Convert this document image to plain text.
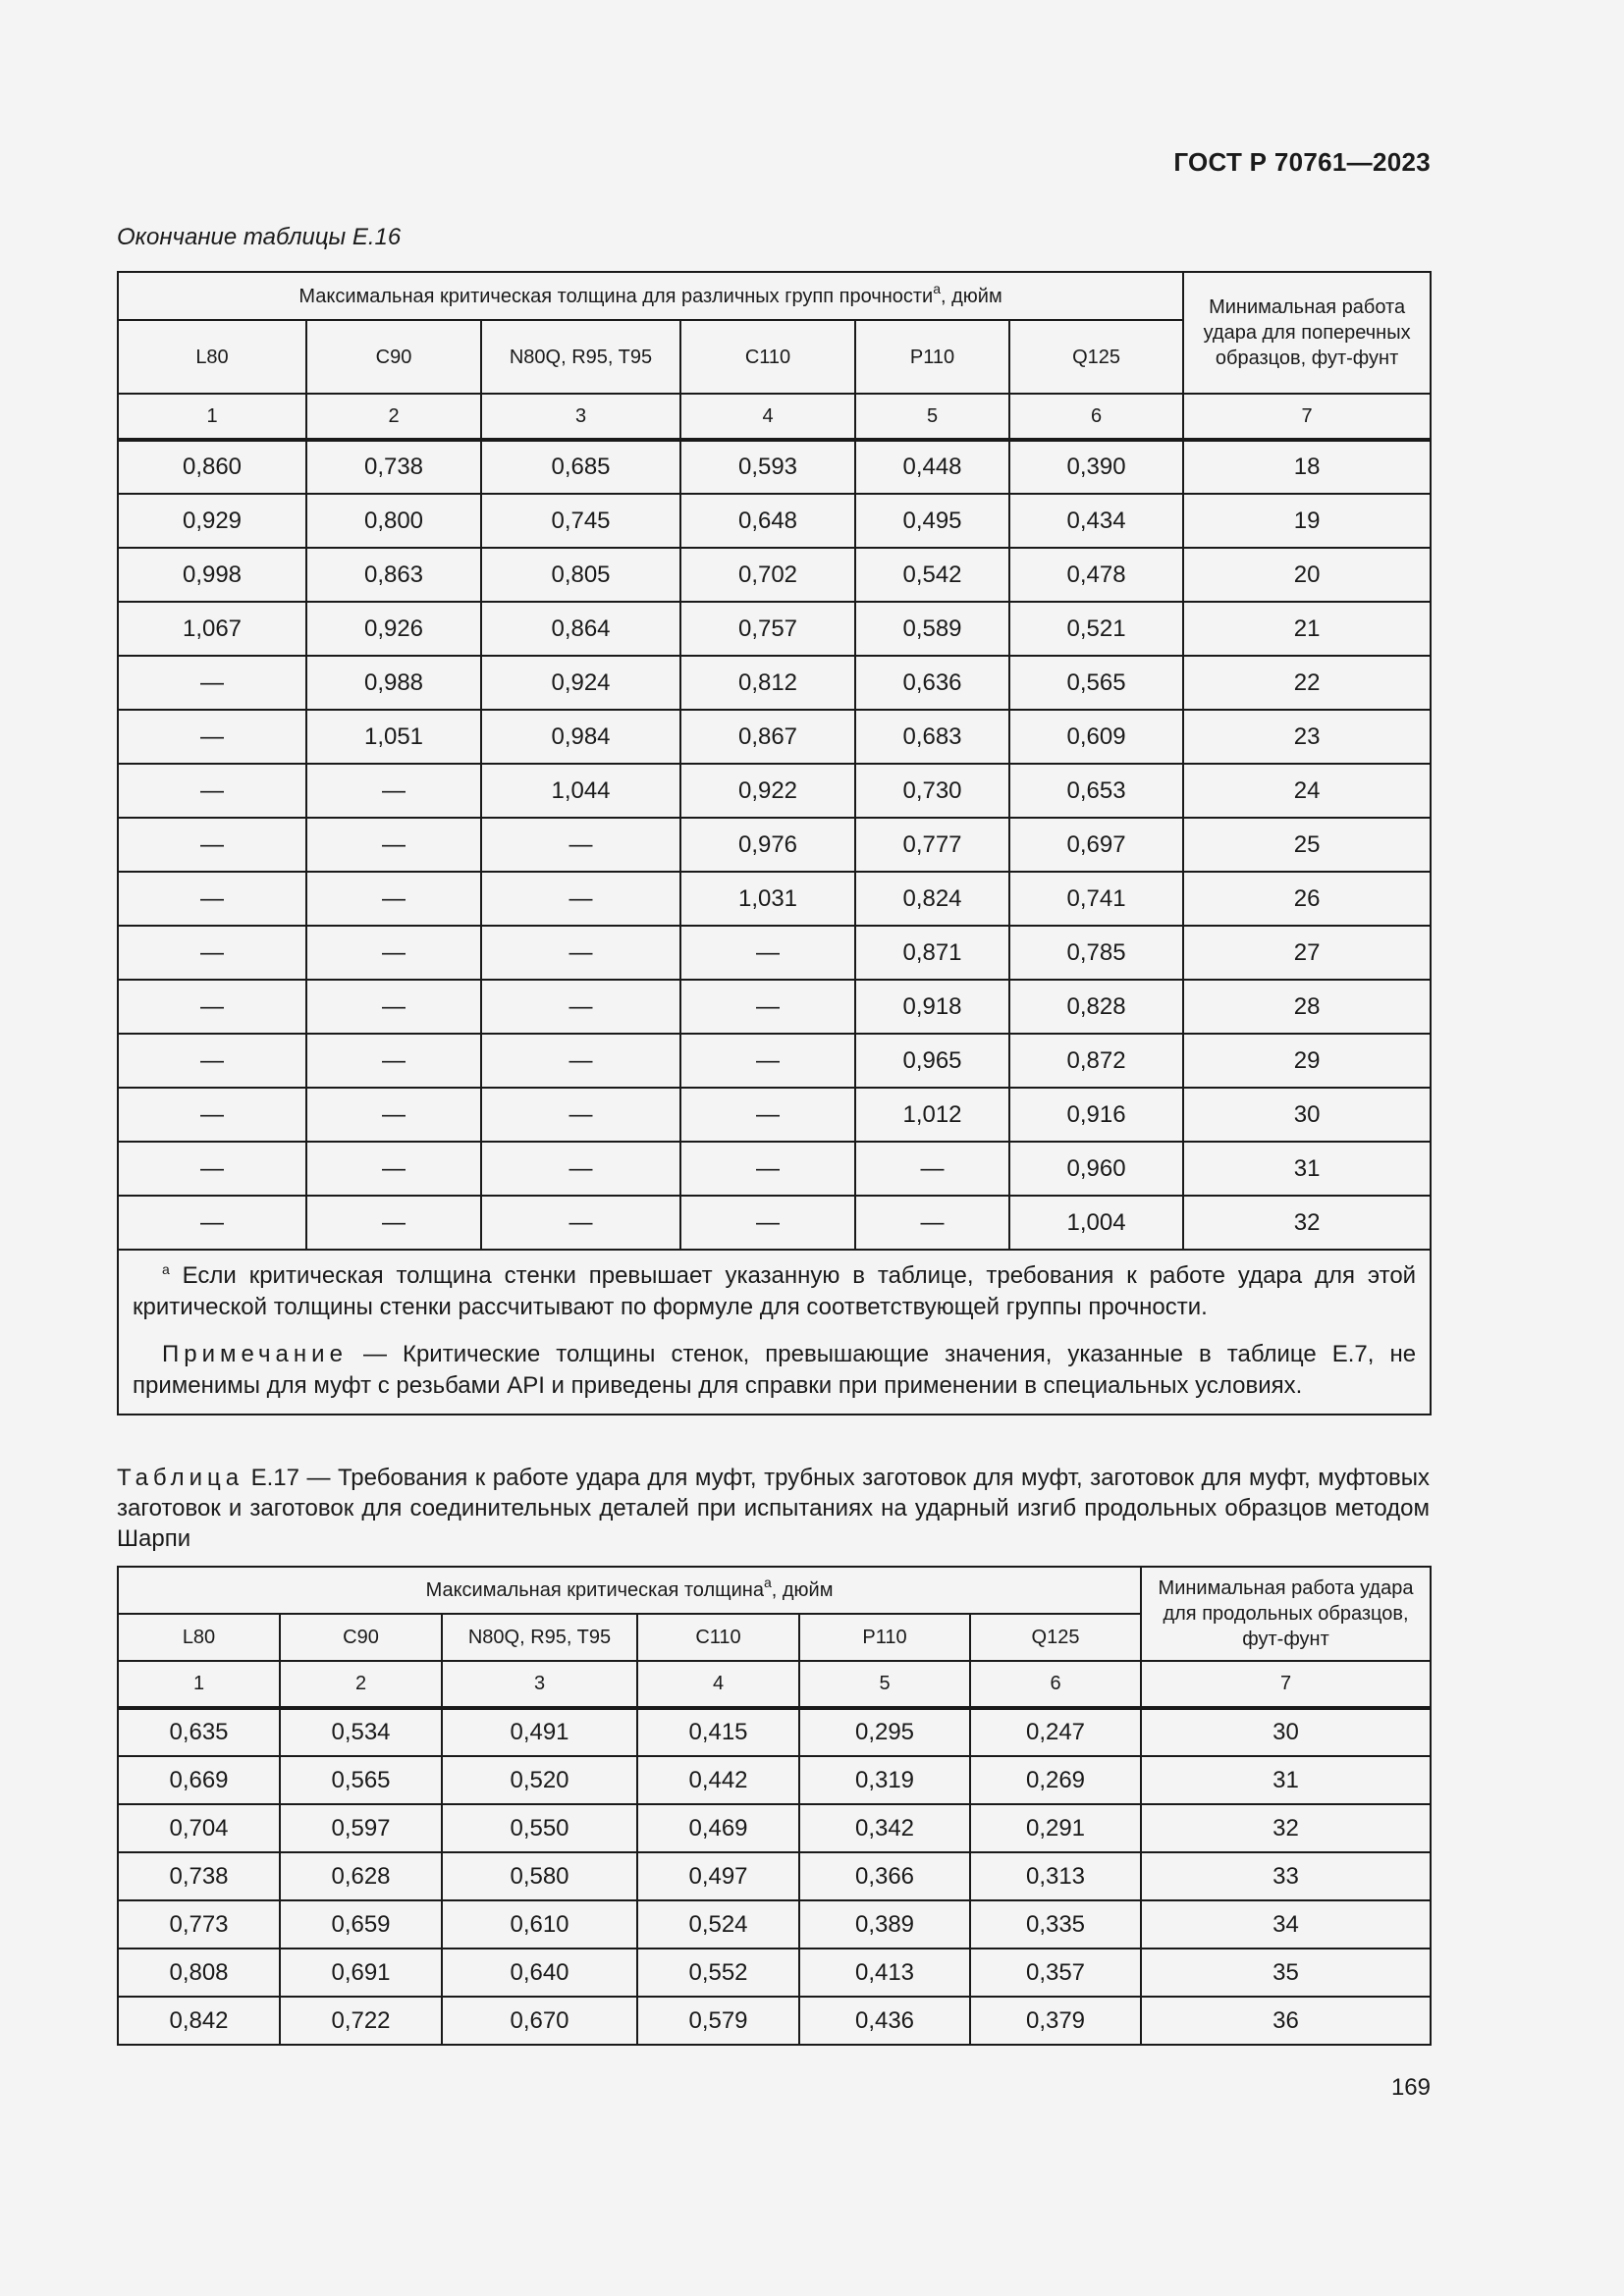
ГОСТ Р 70761—2023
Окончание таблицы Е.16
Максимальная критическая толщина для различных групп прочности$^а$, дюйм						Минимальная работа удара для поперечных образцов, фут-фунт
L80	C90	N80Q, R95, T95	C110	P110	Q125	
1	2	3	4	5	6	7
0,860	0,738	0,685	0,593	0,448	0,390	18
0,929	0,800	0,745	0,648	0,495	0,434	19
0,998	0,863	0,805	0,702	0,542	0,478	20
1,067	0,926	0,864	0,757	0,589	0,521	21
—	0,988	0,924	0,812	0,636	0,565	22
—	1,051	0,984	0,867	0,683	0,609	23
—	—	1,044	0,922	0,730	0,653	24
—	—	—	0,976	0,777	0,697	25
—	—	—	1,031	0,824	0,741	26
—	—	—	—	0,871	0,785	27
—	—	—	—	0,918	0,828	28
—	—	—	—	0,965	0,872	29
—	—	—	—	1,012	0,916	30
—	—	—	—	—	0,960	31
—	—	—	—	—	1,004	32

$^а$ Если критическая толщина стенки превышает указанную в таблице, требования к работе удара для этой критической толщины стенки рассчитывают по формуле для соответствующей группы прочности.

Примечание — Критические толщины стенок, превышающие значения, указанные в таблице Е.7, не применимы для муфт с резьбами API и приведены для справки при применении в специальных условиях.						

Таблица Е.17 — Требования к работе удара для муфт, трубных заготовок для муфт, заготовок для муфт, муфтовых заготовок и заготовок для соединительных деталей при испытаниях на ударный изгиб продольных образцов методом Шарпи
Максимальная критическая толщина$^а$, дюйм						Минимальная работа удара для продольных образцов, фут-фунт
L80	C90	N80Q, R95, T95	C110	P110	Q125	
1	2	3	4	5	6	7
0,635	0,534	0,491	0,415	0,295	0,247	30
0,669	0,565	0,520	0,442	0,319	0,269	31
0,704	0,597	0,550	0,469	0,342	0,291	32
0,738	0,628	0,580	0,497	0,366	0,313	33
0,773	0,659	0,610	0,524	0,389	0,335	34
0,808	0,691	0,640	0,552	0,413	0,357	35
0,842	0,722	0,670	0,579	0,436	0,379	36
169
